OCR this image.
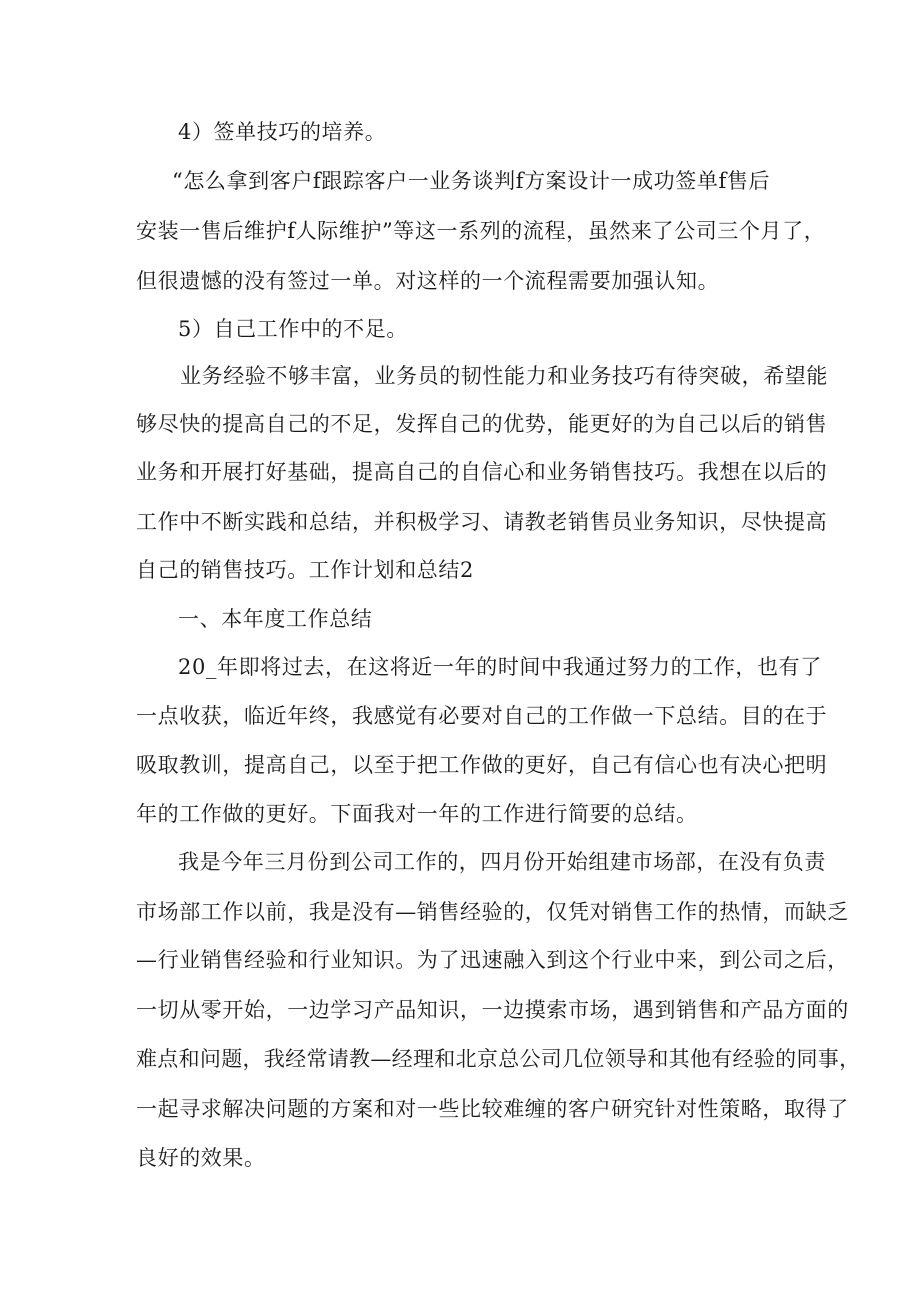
4）签单技巧的培养。
“怎么拿到客户f跟踪客户一业务谈判f方案设计一成功签单f售后
安装一售后维护f人际维护”等这一系列的流程，虽然来了公司三个月了，
但很遗憾的没有签过一单。对这样的一个流程需要加强认知。
5）自己工作中的不足。
业务经验不够丰富，业务员的韧性能力和业务技巧有待突破，希望能
够尽快的提高自己的不足，发挥自己的优势，能更好的为自己以后的销售
业务和开展打好基础，提高自己的自信心和业务销售技巧。我想在以后的
工作中不断实践和总结，并积极学习、请教老销售员业务知识，尽快提高
自己的销售技巧。工作计划和总结2
一、本年度工作总结
20_年即将过去，在这将近一年的时间中我通过努力的工作，也有了
一点收获，临近年终，我感觉有必要对自己的工作做一下总结。目的在于
吸取教训，提高自己，以至于把工作做的更好，自己有信心也有决心把明
年的工作做的更好。下面我对一年的工作进行简要的总结。
我是今年三月份到公司工作的，四月份开始组建市场部，在没有负责
市场部工作以前，我是没有—销售经验的，仅凭对销售工作的热情，而缺乏
—行业销售经验和行业知识。为了迅速融入到这个行业中来，到公司之后，
一切从零开始，一边学习产品知识，一边摸索市场，遇到销售和产品方面的
难点和问题，我经常请教—经理和北京总公司几位领导和其他有经验的同事，
一起寻求解决问题的方案和对一些比较难缠的客户研究针对性策略，取得了
良好的效果。
